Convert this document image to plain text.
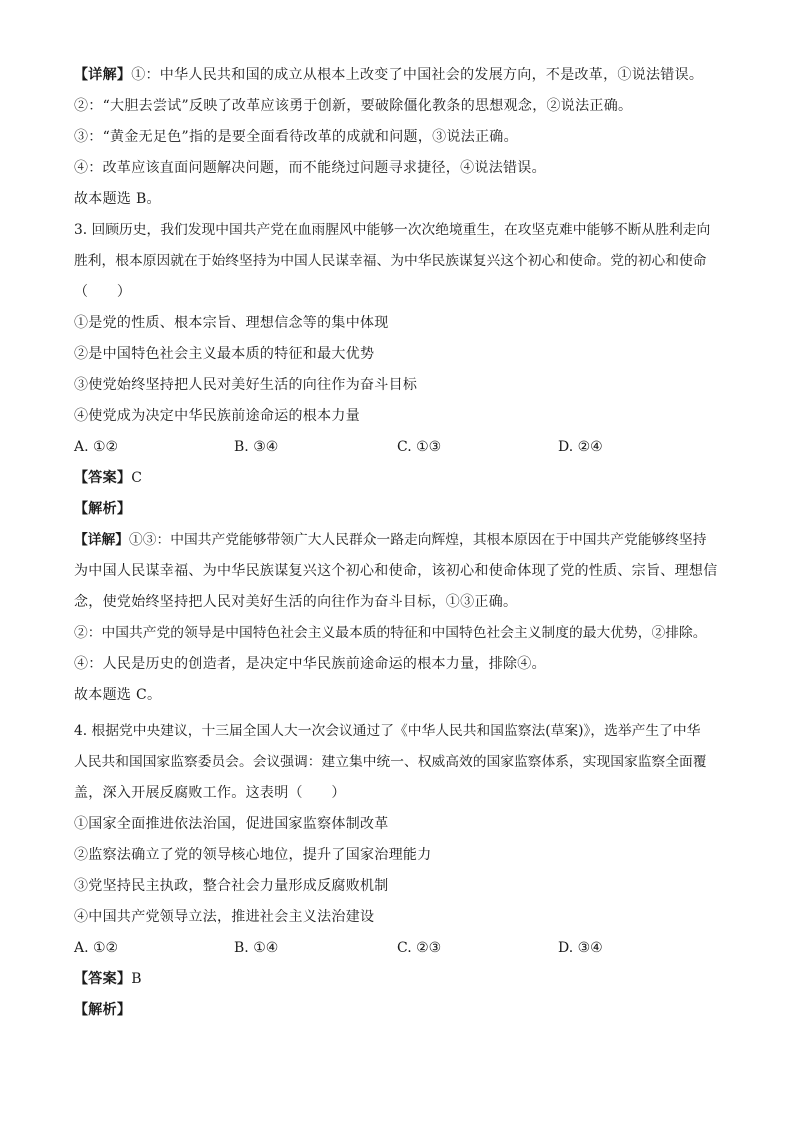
【详解】①：中华人民共和国的成立从根本上改变了中国社会的发展方向，不是改革，①说法错误。
②：“大胆去尝试”反映了改革应该勇于创新，要破除僵化教条的思想观念，②说法正确。
③：“黄金无足色”指的是要全面看待改革的成就和问题，③说法正确。
④：改革应该直面问题解决问题，而不能绕过问题寻求捷径，④说法错误。
故本题选 B。
3. 回顾历史，我们发现中国共产党在血雨腥风中能够一次次绝境重生，在攻坚克难中能够不断从胜利走向
胜利，根本原因就在于始终坚持为中国人民谋幸福、为中华民族谋复兴这个初心和使命。党的初心和使命
（　　）
①是党的性质、根本宗旨、理想信念等的集中体现
②是中国特色社会主义最本质的特征和最大优势
③使党始终坚持把人民对美好生活的向往作为奋斗目标
④使党成为决定中华民族前途命运的根本力量
A. ①②	B. ③④	C. ①③	D. ②④
【答案】C
【解析】
【详解】①③：中国共产党能够带领广大人民群众一路走向辉煌，其根本原因在于中国共产党能够终坚持
为中国人民谋幸福、为中华民族谋复兴这个初心和使命，该初心和使命体现了党的性质、宗旨、理想信
念，使党始终坚持把人民对美好生活的向往作为奋斗目标，①③正确。
②：中国共产党的领导是中国特色社会主义最本质的特征和中国特色社会主义制度的最大优势，②排除。
④：人民是历史的创造者，是决定中华民族前途命运的根本力量，排除④。
故本题选 C。
4. 根据党中央建议，十三届全国人大一次会议通过了《中华人民共和国监察法(草案)》，选举产生了中华
人民共和国国家监察委员会。会议强调：建立集中统一、权威高效的国家监察体系，实现国家监察全面覆
盖，深入开展反腐败工作。这表明（　　）
①国家全面推进依法治国，促进国家监察体制改革
②监察法确立了党的领导核心地位，提升了国家治理能力
③党坚持民主执政，整合社会力量形成反腐败机制
④中国共产党领导立法，推进社会主义法治建设
A. ①②	B. ①④	C. ②③	D. ③④
【答案】B
【解析】
